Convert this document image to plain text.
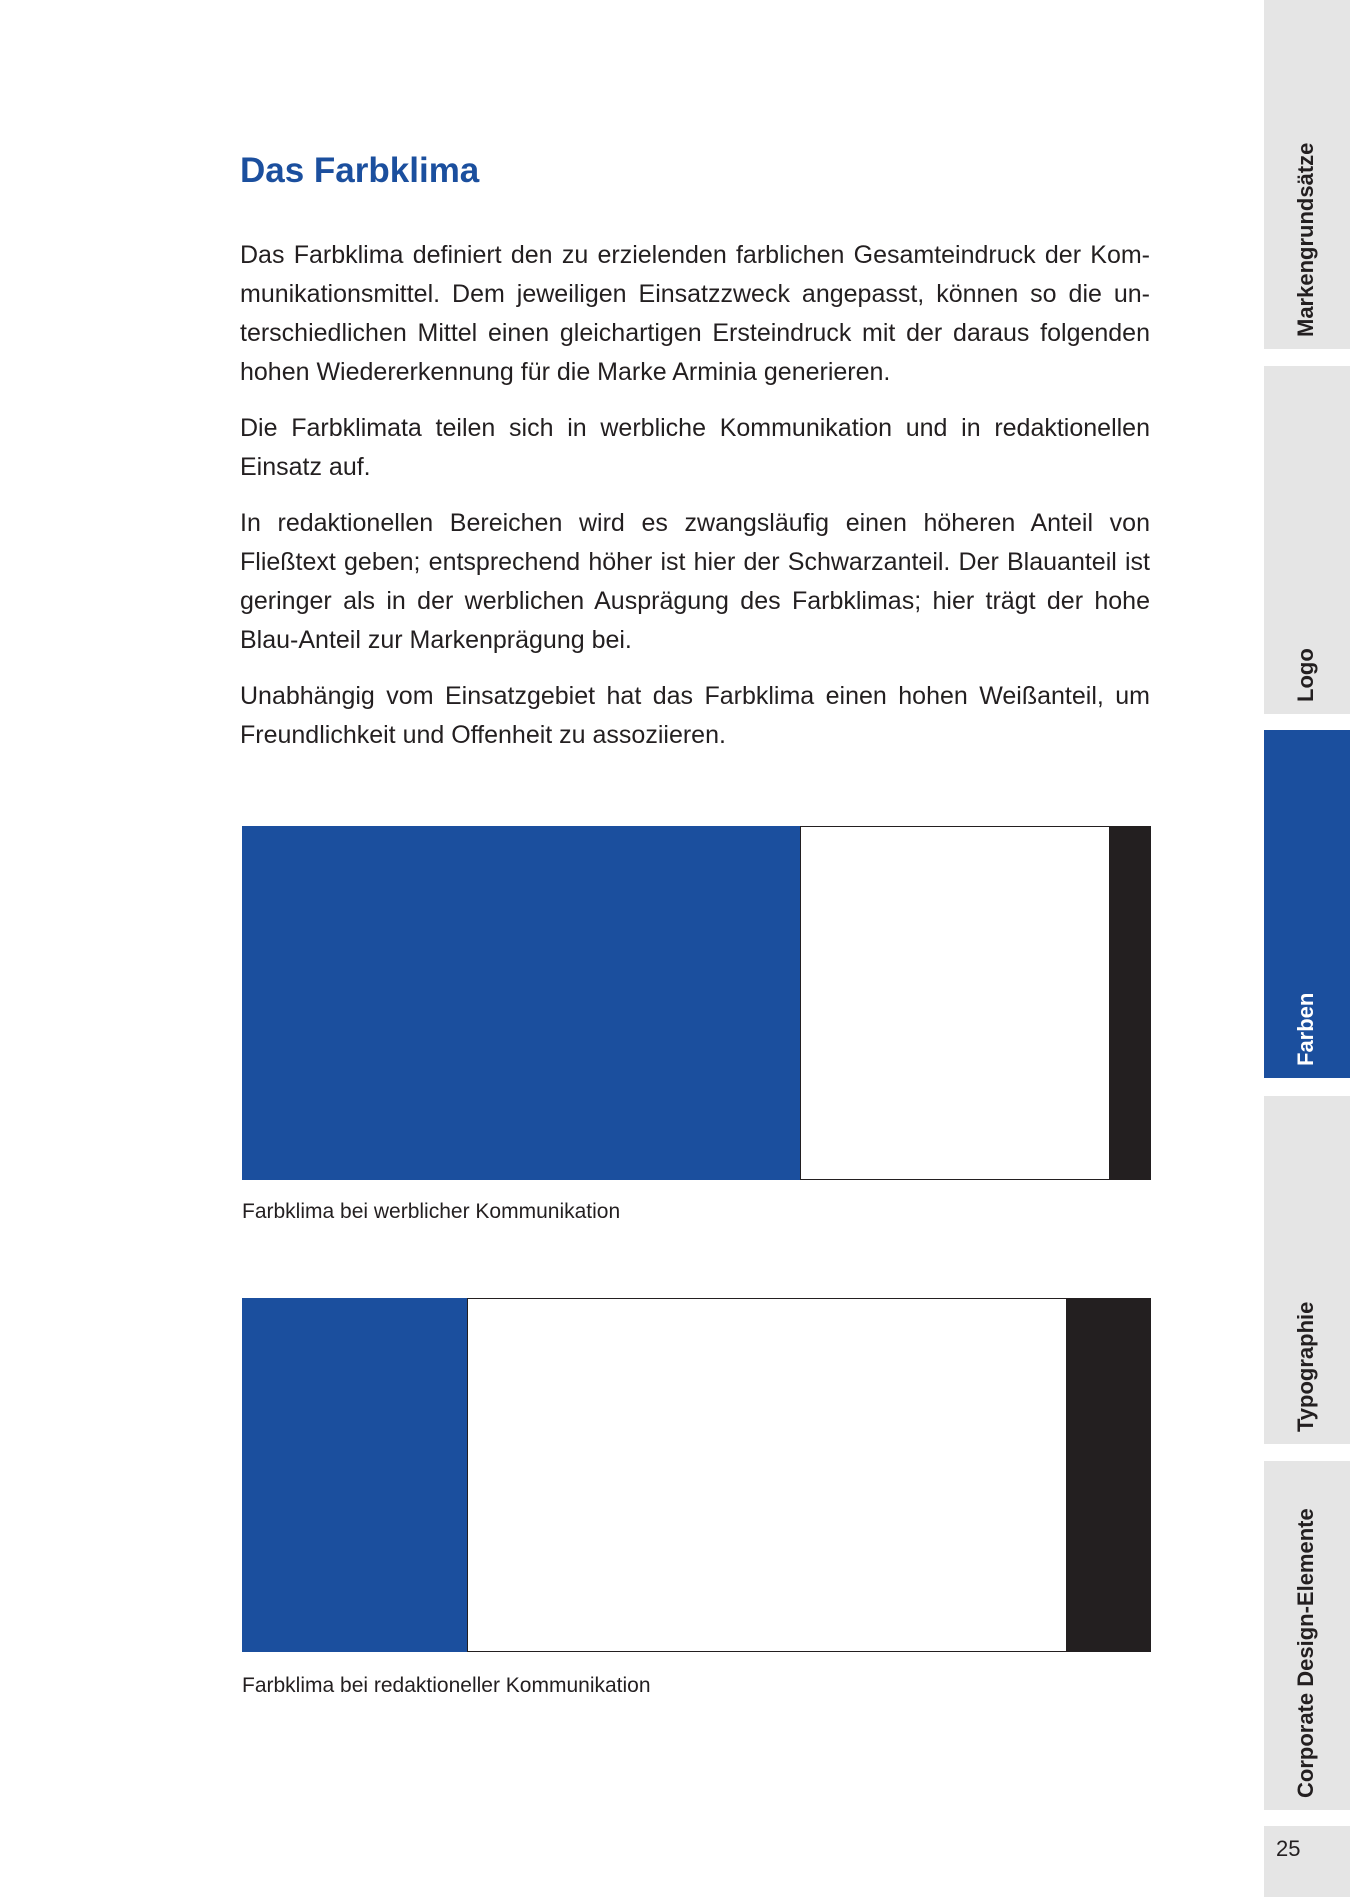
Das Farbklima

Das Farbklima definiert den zu erzielenden farblichen Gesamteindruck der Kommunikationsmittel. Dem jeweiligen Einsatzzweck angepasst, können so die unterschiedlichen Mittel einen gleichartigen Ersteindruck mit der daraus folgenden hohen Wiedererkennung für die Marke Arminia generieren.

Die Farbklimata teilen sich in werbliche Kommunikation und in redaktionellen Einsatz auf.

In redaktionellen Bereichen wird es zwangsläufig einen höheren Anteil von Fließtext geben; entsprechend höher ist hier der Schwarzanteil. Der Blauanteil ist geringer als in der werblichen Ausprägung des Farbklimas; hier trägt der hohe Blau-Anteil zur Markenprägung bei.

Unabhängig vom Einsatzgebiet hat das Farbklima einen hohen Weißanteil, um Freundlichkeit und Offenheit zu assoziieren.

Farbklima bei werblicher Kommunikation
Farbklima bei redaktioneller Kommunikation
Markengrundsätze
Logo
Farben
Typographie
Corporate Design-Elemente
25
